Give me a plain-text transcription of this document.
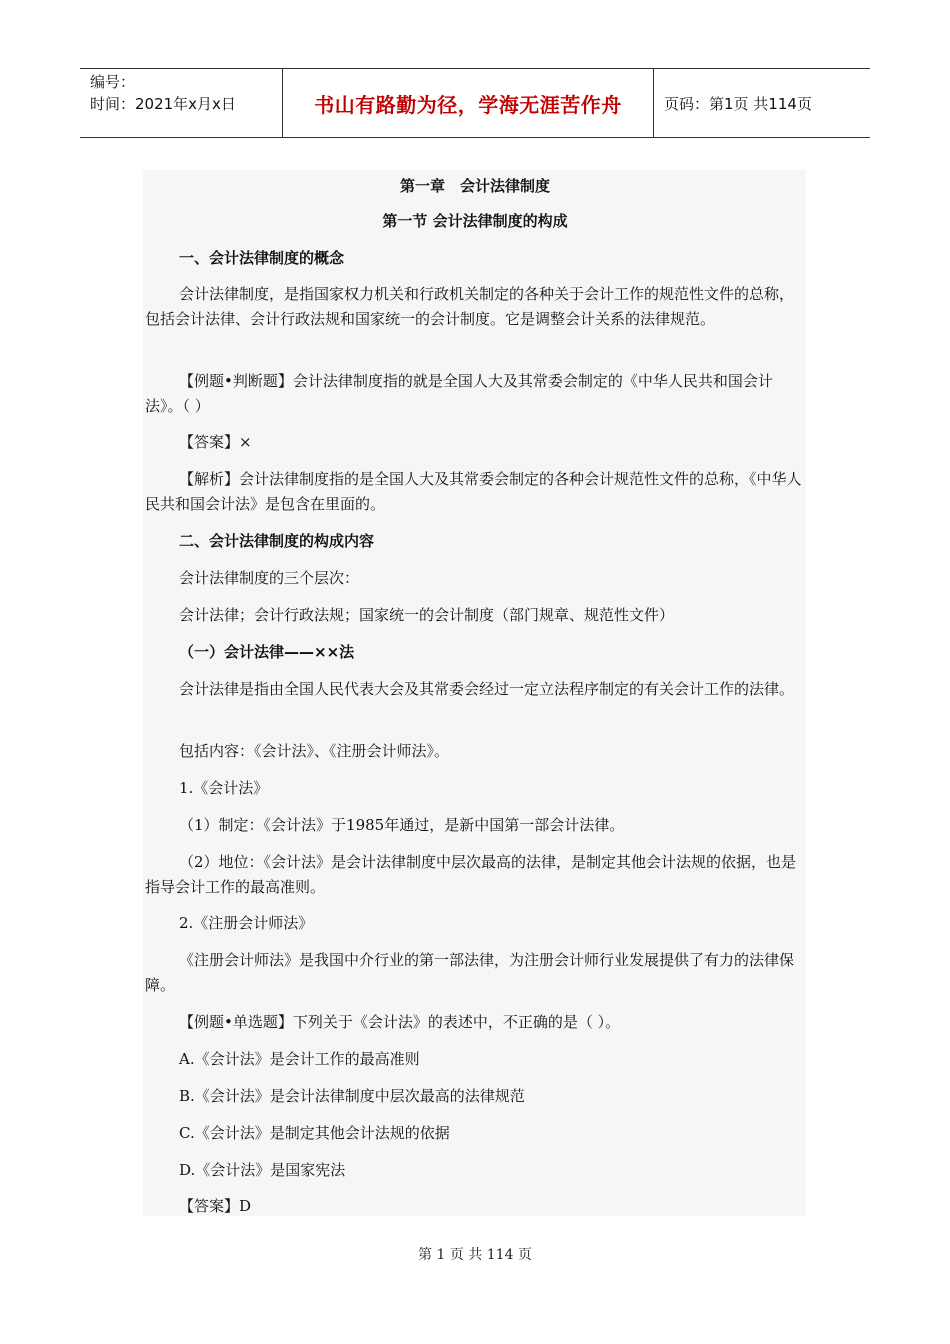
编号：
时间：2021年x月x日	书山有路勤为径，学海无涯苦作舟	页码：第1页 共114页

第一章　会计法律制度

第一节 会计法律制度的构成

一、会计法律制度的概念

会计法律制度，是指国家权力机关和行政机关制定的各种关于会计工作的规范性文件的总称，包括会计法律、会计行政法规和国家统一的会计制度。它是调整会计关系的法律规范。

【例题•判断题】会计法律制度指的就是全国人大及其常委会制定的《中华人民共和国会计法》。（ ）

【答案】×

【解析】会计法律制度指的是全国人大及其常委会制定的各种会计规范性文件的总称，《中华人民共和国会计法》是包含在里面的。

二、会计法律制度的构成内容

会计法律制度的三个层次：

会计法律；会计行政法规；国家统一的会计制度（部门规章、规范性文件）

（一）会计法律——××法

会计法律是指由全国人民代表大会及其常委会经过一定立法程序制定的有关会计工作的法律。

包括内容：《会计法》、《注册会计师法》。

1.《会计法》

（1）制定：《会计法》于1985年通过，是新中国第一部会计法律。

（2）地位：《会计法》是会计法律制度中层次最高的法律，是制定其他会计法规的依据，也是指导会计工作的最高准则。

2.《注册会计师法》

《注册会计师法》是我国中介行业的第一部法律，为注册会计师行业发展提供了有力的法律保障。

【例题•单选题】下列关于《会计法》的表述中，不正确的是（ ）。

A.《会计法》是会计工作的最高准则

B.《会计法》是会计法律制度中层次最高的法律规范

C.《会计法》是制定其他会计法规的依据

D.《会计法》是国家宪法

【答案】D

第 1 页 共 114 页
